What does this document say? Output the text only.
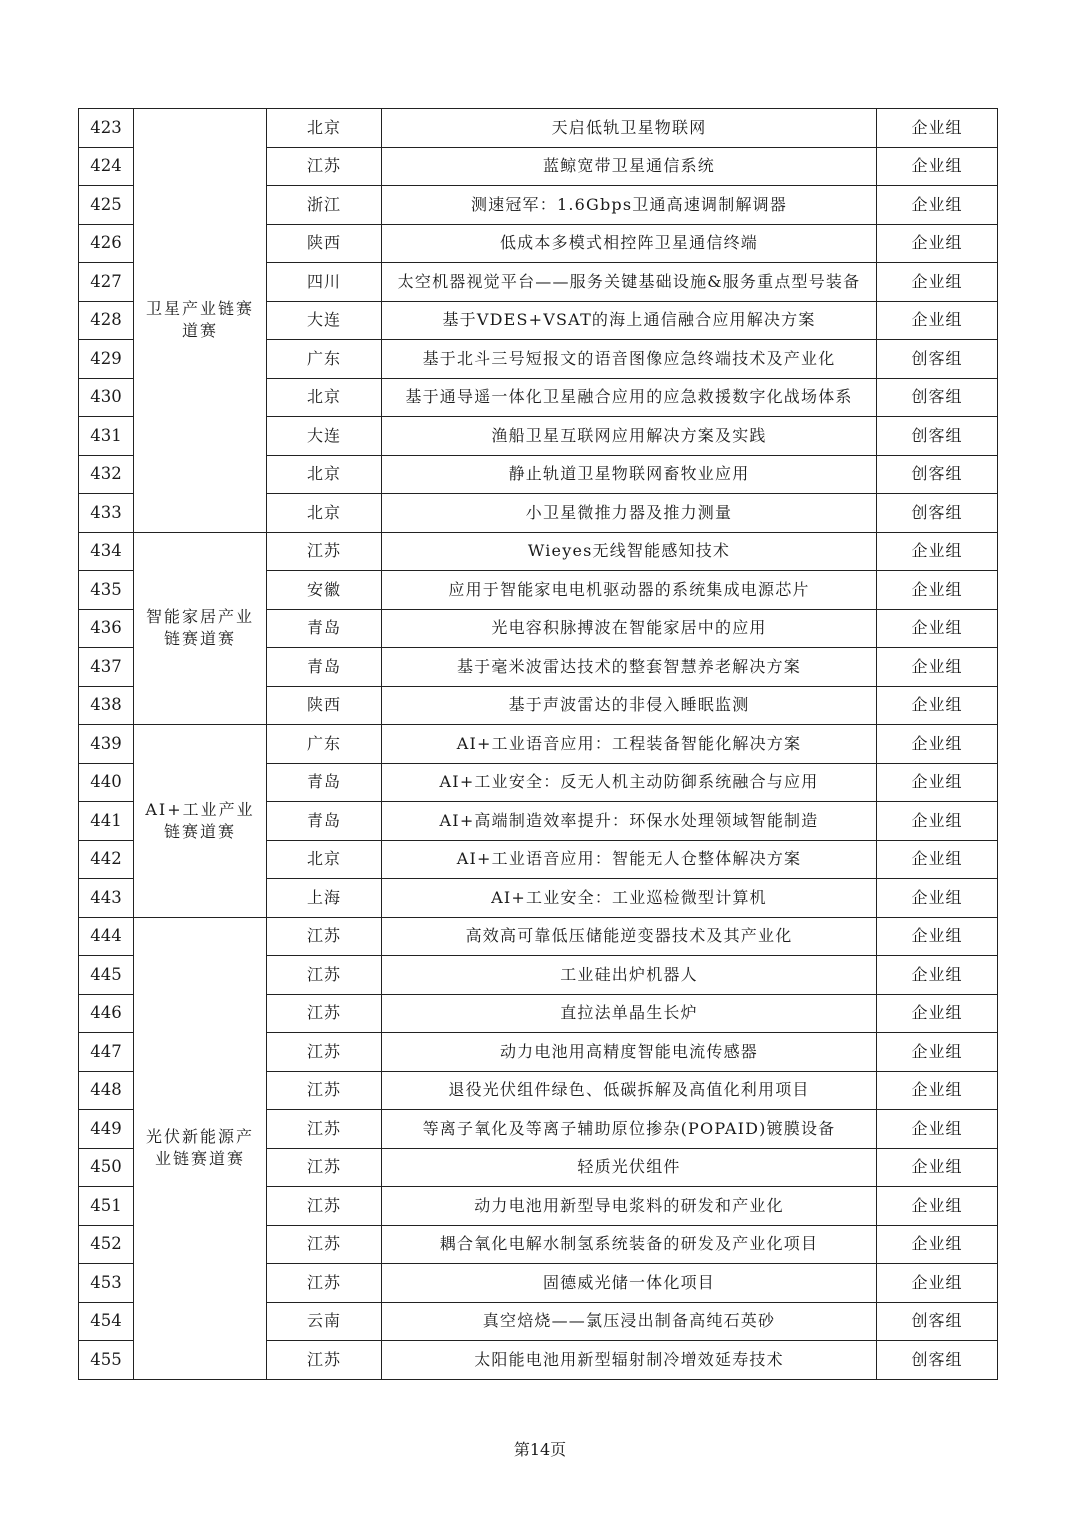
423	卫星产业链赛道赛	北京	天启低轨卫星物联网	企业组
424		江苏	蓝鲸宽带卫星通信系统	企业组
425		浙江	测速冠军：1.6Gbps卫通高速调制解调器	企业组
426		陕西	低成本多模式相控阵卫星通信终端	企业组
427		四川	太空机器视觉平台——服务关键基础设施&服务重点型号装备	企业组
428		大连	基于VDES+VSAT的海上通信融合应用解决方案	企业组
429		广东	基于北斗三号短报文的语音图像应急终端技术及产业化	创客组
430		北京	基于通导遥一体化卫星融合应用的应急救援数字化战场体系	创客组
431		大连	渔船卫星互联网应用解决方案及实践	创客组
432		北京	静止轨道卫星物联网畜牧业应用	创客组
433		北京	小卫星微推力器及推力测量	创客组
434	智能家居产业链赛道赛	江苏	Wieyes无线智能感知技术	企业组
435		安徽	应用于智能家电电机驱动器的系统集成电源芯片	企业组
436		青岛	光电容积脉搏波在智能家居中的应用	企业组
437		青岛	基于毫米波雷达技术的整套智慧养老解决方案	企业组
438		陕西	基于声波雷达的非侵入睡眠监测	企业组
439	AI+工业产业链赛道赛	广东	AI+工业语音应用：工程装备智能化解决方案	企业组
440		青岛	AI+工业安全：反无人机主动防御系统融合与应用	企业组
441		青岛	AI+高端制造效率提升：环保水处理领域智能制造	企业组
442		北京	AI+工业语音应用：智能无人仓整体解决方案	企业组
443		上海	AI+工业安全：工业巡检微型计算机	企业组
444	光伏新能源产业链赛道赛	江苏	高效高可靠低压储能逆变器技术及其产业化	企业组
445		江苏	工业硅出炉机器人	企业组
446		江苏	直拉法单晶生长炉	企业组
447		江苏	动力电池用高精度智能电流传感器	企业组
448		江苏	退役光伏组件绿色、低碳拆解及高值化利用项目	企业组
449		江苏	等离子氧化及等离子辅助原位掺杂(POPAID)镀膜设备	企业组
450		江苏	轻质光伏组件	企业组
451		江苏	动力电池用新型导电浆料的研发和产业化	企业组
452		江苏	耦合氧化电解水制氢系统装备的研发及产业化项目	企业组
453		江苏	固德威光储一体化项目	企业组
454		云南	真空焙烧——氯压浸出制备高纯石英砂	创客组
455		江苏	太阳能电池用新型辐射制冷增效延寿技术	创客组
第14页
